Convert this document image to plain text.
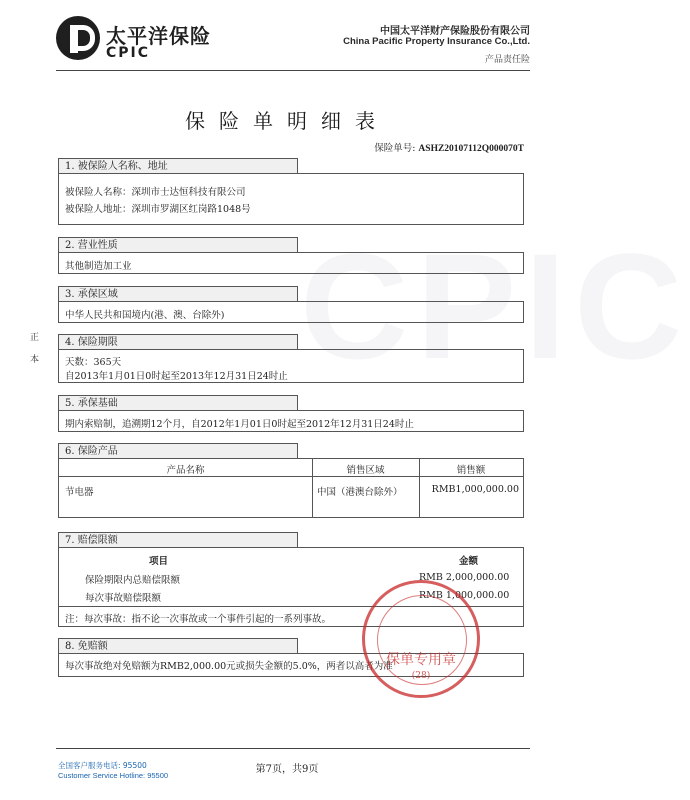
太平洋保险
CPIC
中国太平洋财产保险股份有限公司
China Pacific Property Insurance Co.,Ltd.
产品责任险
CPIC
保险单明细表
保险单号: ASHZ20107112Q000070T
正
本
1. 被保险人名称、地址
被保险人名称：深圳市士达恒科技有限公司
被保险人地址：深圳市罗湖区红岗路1048号
2. 营业性质
其他制造加工业
3. 承保区域
中华人民共和国境内(港、澳、台除外)
4. 保险期限
天数：365天
自2013年1月01日0时起至2013年12月31日24时止
5. 承保基础
期内索赔制，追溯期12个月，自2012年1月01日0时起至2012年12月31日24时止
6. 保险产品
产品名称	销售区域	销售额
节电器	中国（港澳台除外）	RMB1,000,000.00
7. 赔偿限额
项目	金额
保险期限内总赔偿限额	RMB 2,000,000.00
每次事故赔偿限额	RMB 1,000,000.00
注：每次事故：指不论一次事故或一个事件引起的一系列事故。
8. 免赔额
每次事故绝对免赔额为RMB2,000.00元或损失金额的5.0%，两者以高者为准
保单专用章
(28)
全国客户服务电话: 95500
Customer Service Hotline: 95500
第7页，共9页
